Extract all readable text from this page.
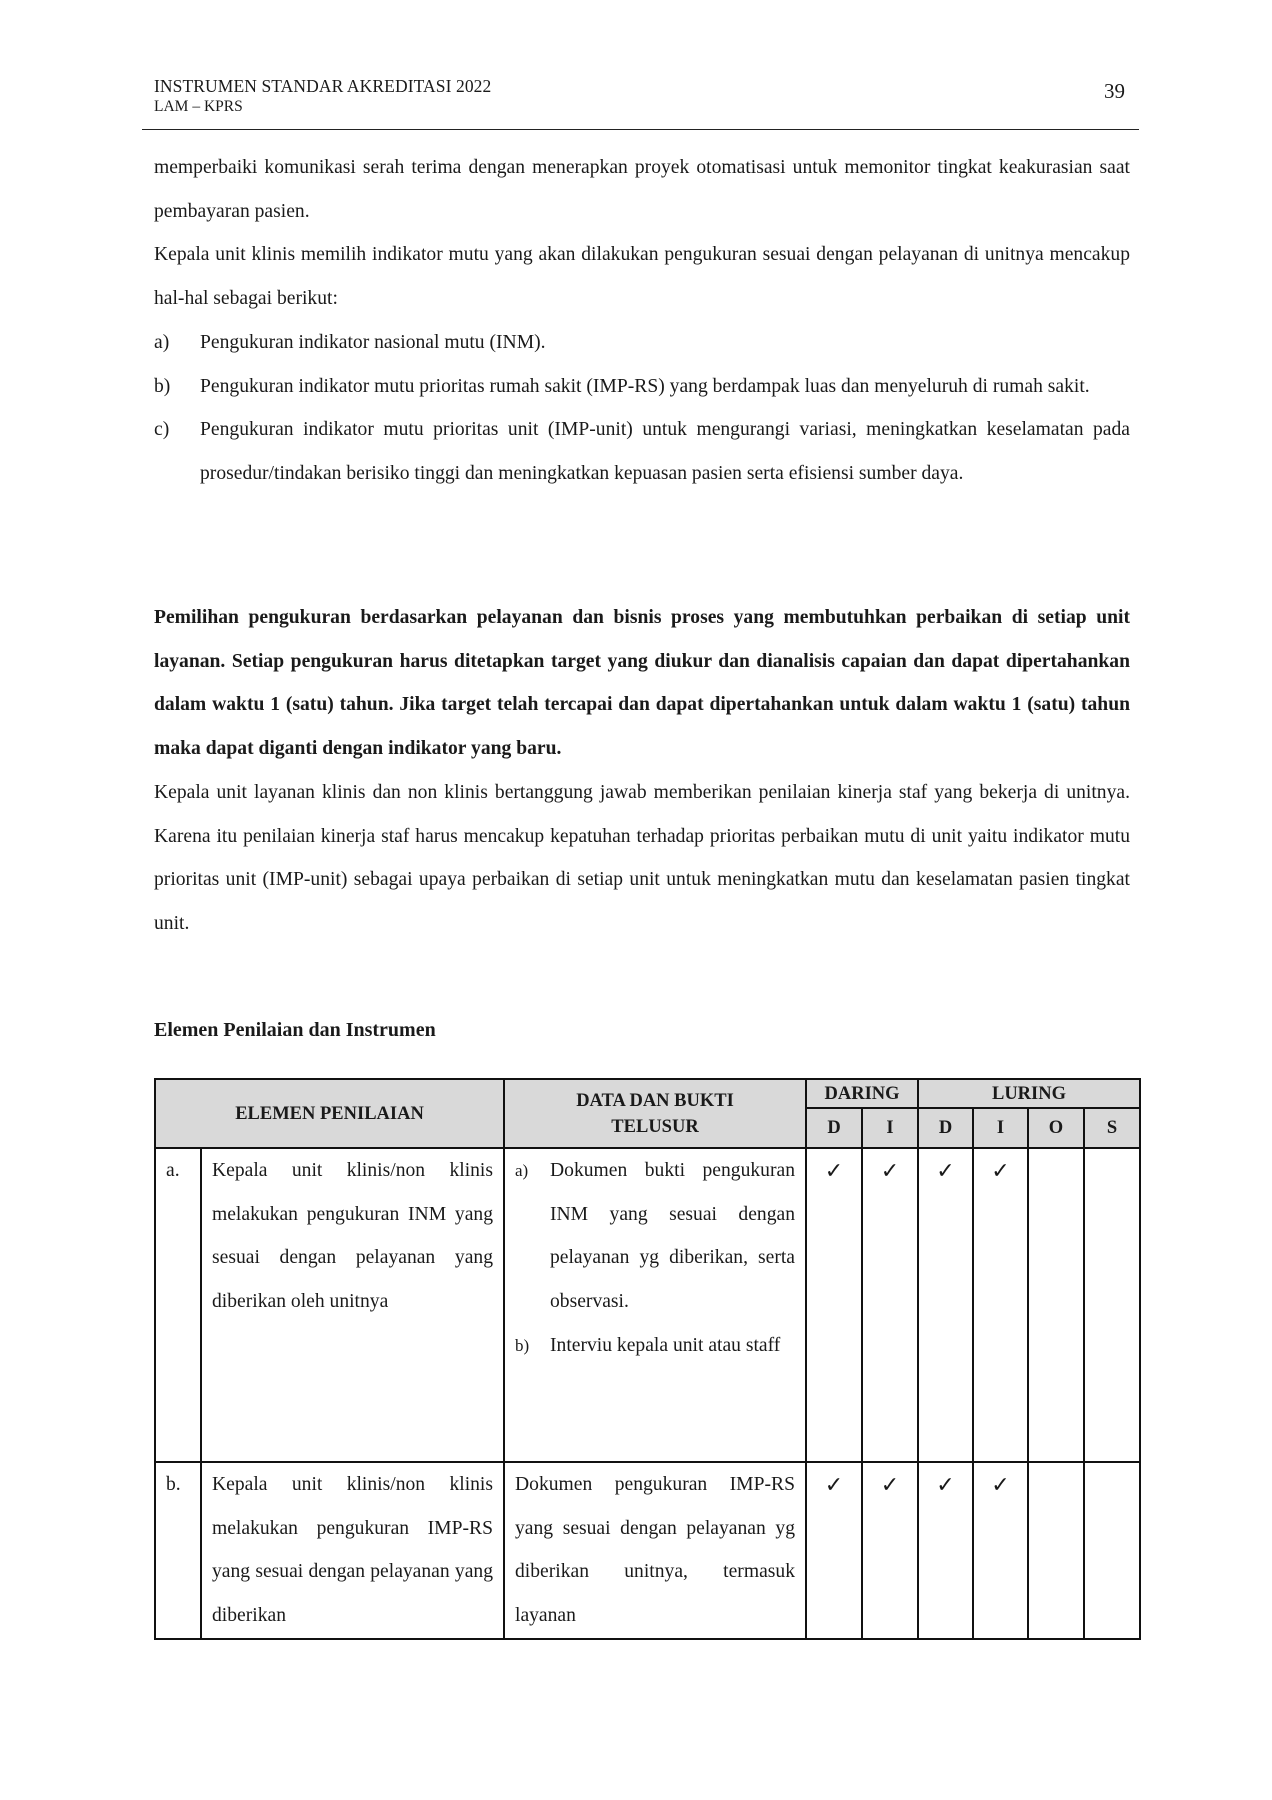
INSTRUMEN STANDAR AKREDITASI 2022
LAM – KPRS
39

memperbaiki komunikasi serah terima dengan menerapkan proyek otomatisasi untuk memonitor tingkat keakurasian saat pembayaran pasien.

Kepala unit klinis memilih indikator mutu yang akan dilakukan pengukuran sesuai dengan pelayanan di unitnya mencakup hal-hal sebagai berikut:

a) Pengukuran indikator nasional mutu (INM).

b) Pengukuran indikator mutu prioritas rumah sakit (IMP-RS) yang berdampak luas dan menyeluruh di rumah sakit.

c) Pengukuran indikator mutu prioritas unit (IMP-unit) untuk mengurangi variasi, meningkatkan keselamatan pada prosedur/tindakan berisiko tinggi dan meningkatkan kepuasan pasien serta efisiensi sumber daya.

Pemilihan pengukuran berdasarkan pelayanan dan bisnis proses yang membutuhkan perbaikan di setiap unit layanan. Setiap pengukuran harus ditetapkan target yang diukur dan dianalisis capaian dan dapat dipertahankan dalam waktu 1 (satu) tahun. Jika target telah tercapai dan dapat dipertahankan untuk dalam waktu 1 (satu) tahun maka dapat diganti dengan indikator yang baru.

Kepala unit layanan klinis dan non klinis bertanggung jawab memberikan penilaian kinerja staf yang bekerja di unitnya. Karena itu penilaian kinerja staf harus mencakup kepatuhan terhadap prioritas perbaikan mutu di unit yaitu indikator mutu prioritas unit (IMP-unit) sebagai upaya perbaikan di setiap unit untuk meningkatkan mutu dan keselamatan pasien tingkat unit.

Elemen Penilaian dan Instrumen
ELEMEN PENILAIAN		DATA DAN BUKTI TELUSUR	DARING		LURING			
			D	I	D	I	O	S
a.	Kepala unit klinis/non klinis melakukan pengukuran INM yang sesuai dengan pelayanan yang diberikan oleh unitnya	a) Dokumen bukti pengukuran INM yang sesuai dengan pelayanan yg diberikan, serta observasi.
b) Interviu kepala unit atau staff	✓	✓	✓	✓		
b.	Kepala unit klinis/non klinis melakukan pengukuran IMP-RS yang sesuai dengan pelayanan yang diberikan	Dokumen pengukuran IMP-RS yang sesuai dengan pelayanan yg diberikan unitnya, termasuk layanan	✓	✓	✓	✓		
